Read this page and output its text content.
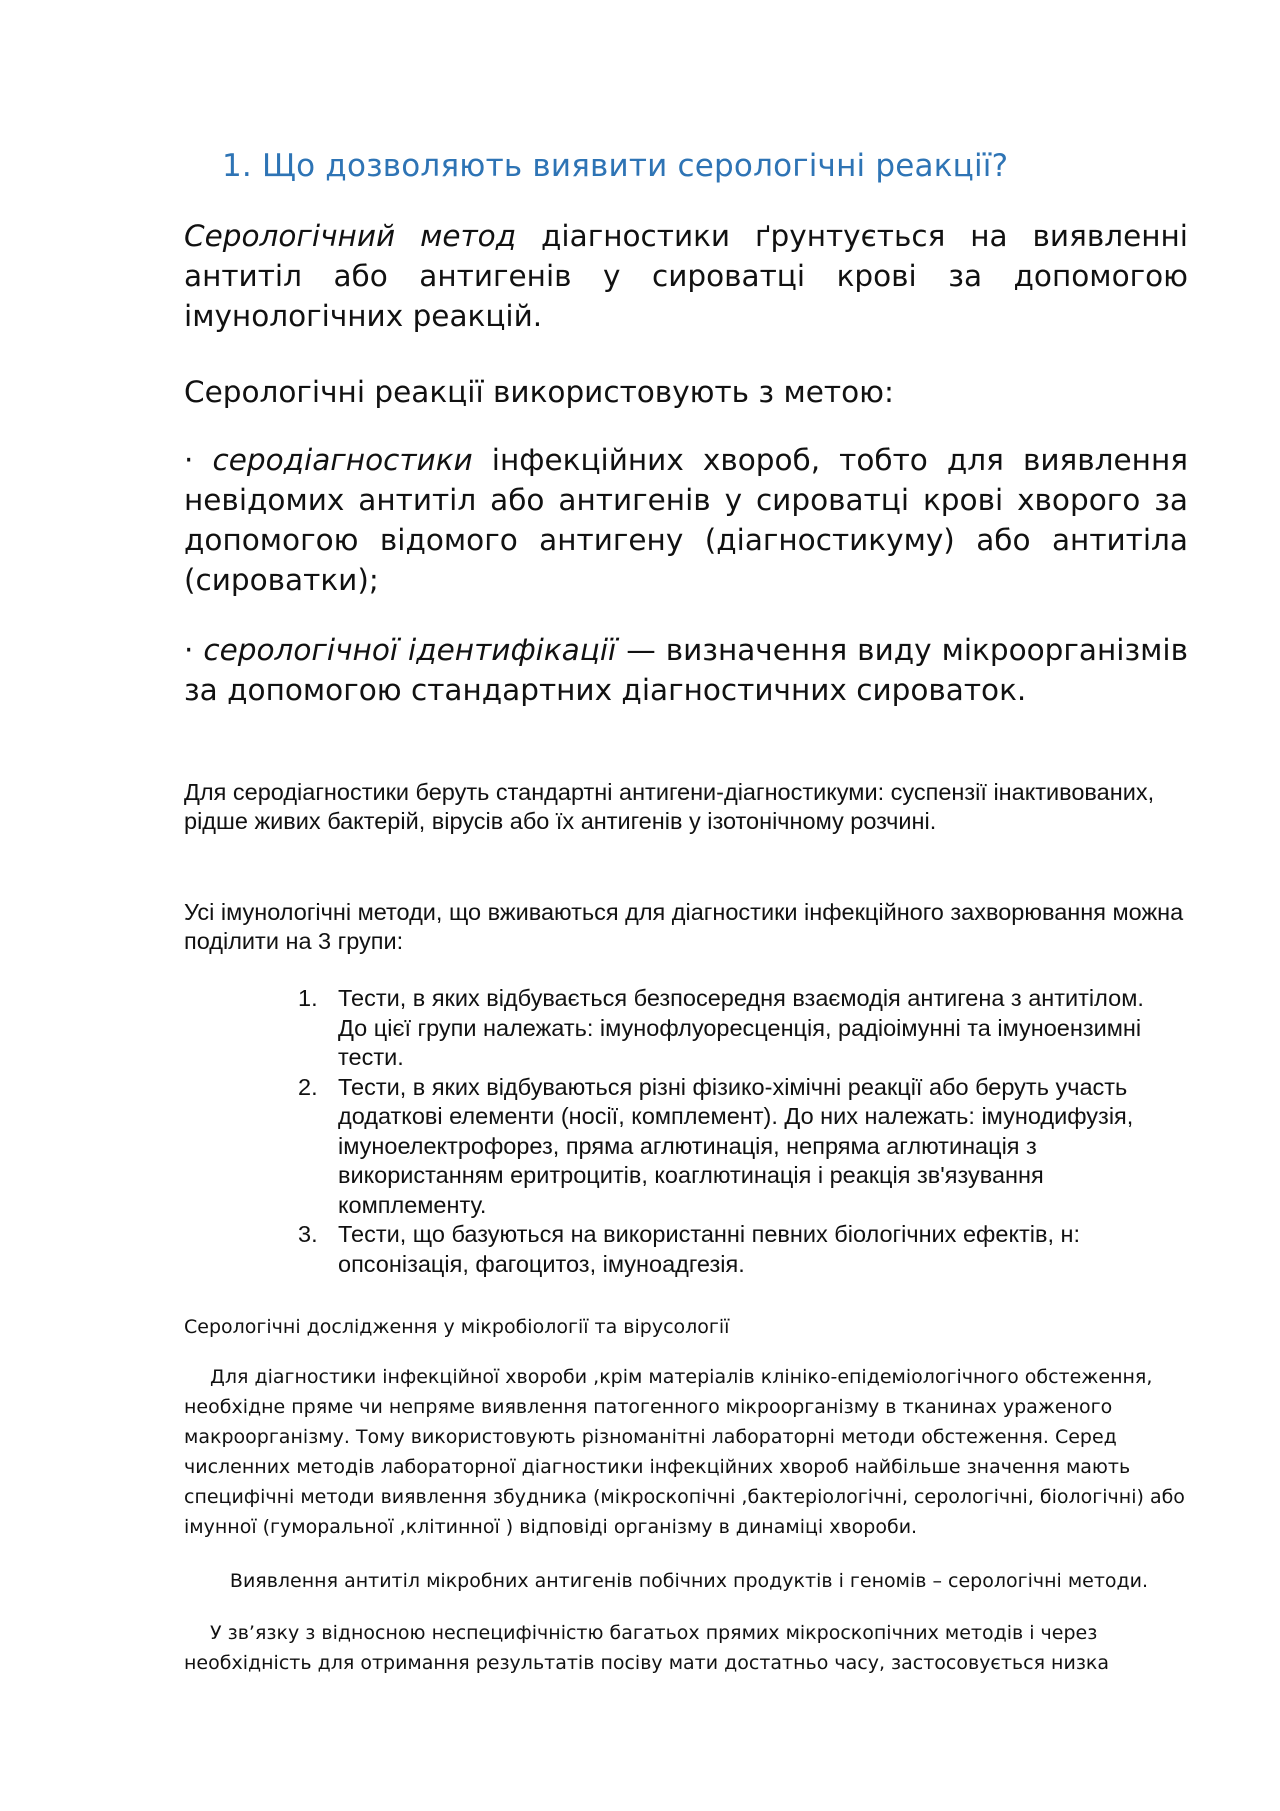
1. Що дозволяють виявити серологічні реакції?

Серологічний метод діагностики ґрунтується на виявленні антитіл або антигенів у сироватці крові за допомогою імунологічних реакцій.

Серологічні реакції використовують з метою:

· серодіагностики інфекційних хвороб, тобто для виявлення невідомих антитіл або антигенів у сироватці крові хворого за допомогою відомого антигену (діагностикуму) або антитіла (сироватки);

· серологічної ідентифікації — визначення виду мікроорганізмів за допомогою стандартних діагностичних сироваток.

Для серодіагностики беруть стандартні антигени-діагностикуми: суспензії інактивованих, рідше живих бактерій, вірусів або їх антигенів у ізотонічному розчині.

Усі імунологічні методи, що вживаються для діагностики інфекційного захворювання можна поділити на 3 групи:

1. Тести, в яких відбувається безпосередня взаємодія антигена з антитілом. До цієї групи належать: імунофлуоресценція, радіоімунні та імуноензимні тести.
2. Тести, в яких відбуваються різні фізико-хімічні реакції або беруть участь додаткові елементи (носії, комплемент). До них належать: імунодифузія, імуноелектрофорез, пряма аглютинація, непряма аглютинація з використанням еритроцитів, коаглютинація і реакція зв'язування комплементу.
3. Тести, що базуються на використанні певних біологічних ефектів, н: опсонізація, фагоцитоз, імуноадгезія.

Серологічні дослідження у мікробіології та вірусології

Для діагностики інфекційної хвороби ,крім матеріалів клініко-епідеміологічного обстеження, необхідне пряме чи непряме виявлення патогенного мікроорганізму в тканинах ураженого макроорганізму. Тому використовують різноманітні лабораторні методи обстеження. Серед численних методів лабораторної діагностики інфекційних хвороб найбільше значення мають специфічні методи виявлення збудника (мікроскопічні ,бактеріологічні, серологічні, біологічні) або імунної (гуморальної ,клітинної ) відповіді організму в динаміці хвороби.

Виявлення антитіл мікробних антигенів побічних продуктів і геномів – серологічні методи.

У зв’язку з відносною неспецифічністю багатьох прямих мікроскопічних методів і через необхідність для отримання результатів посіву мати достатньо часу, застосовується низка
